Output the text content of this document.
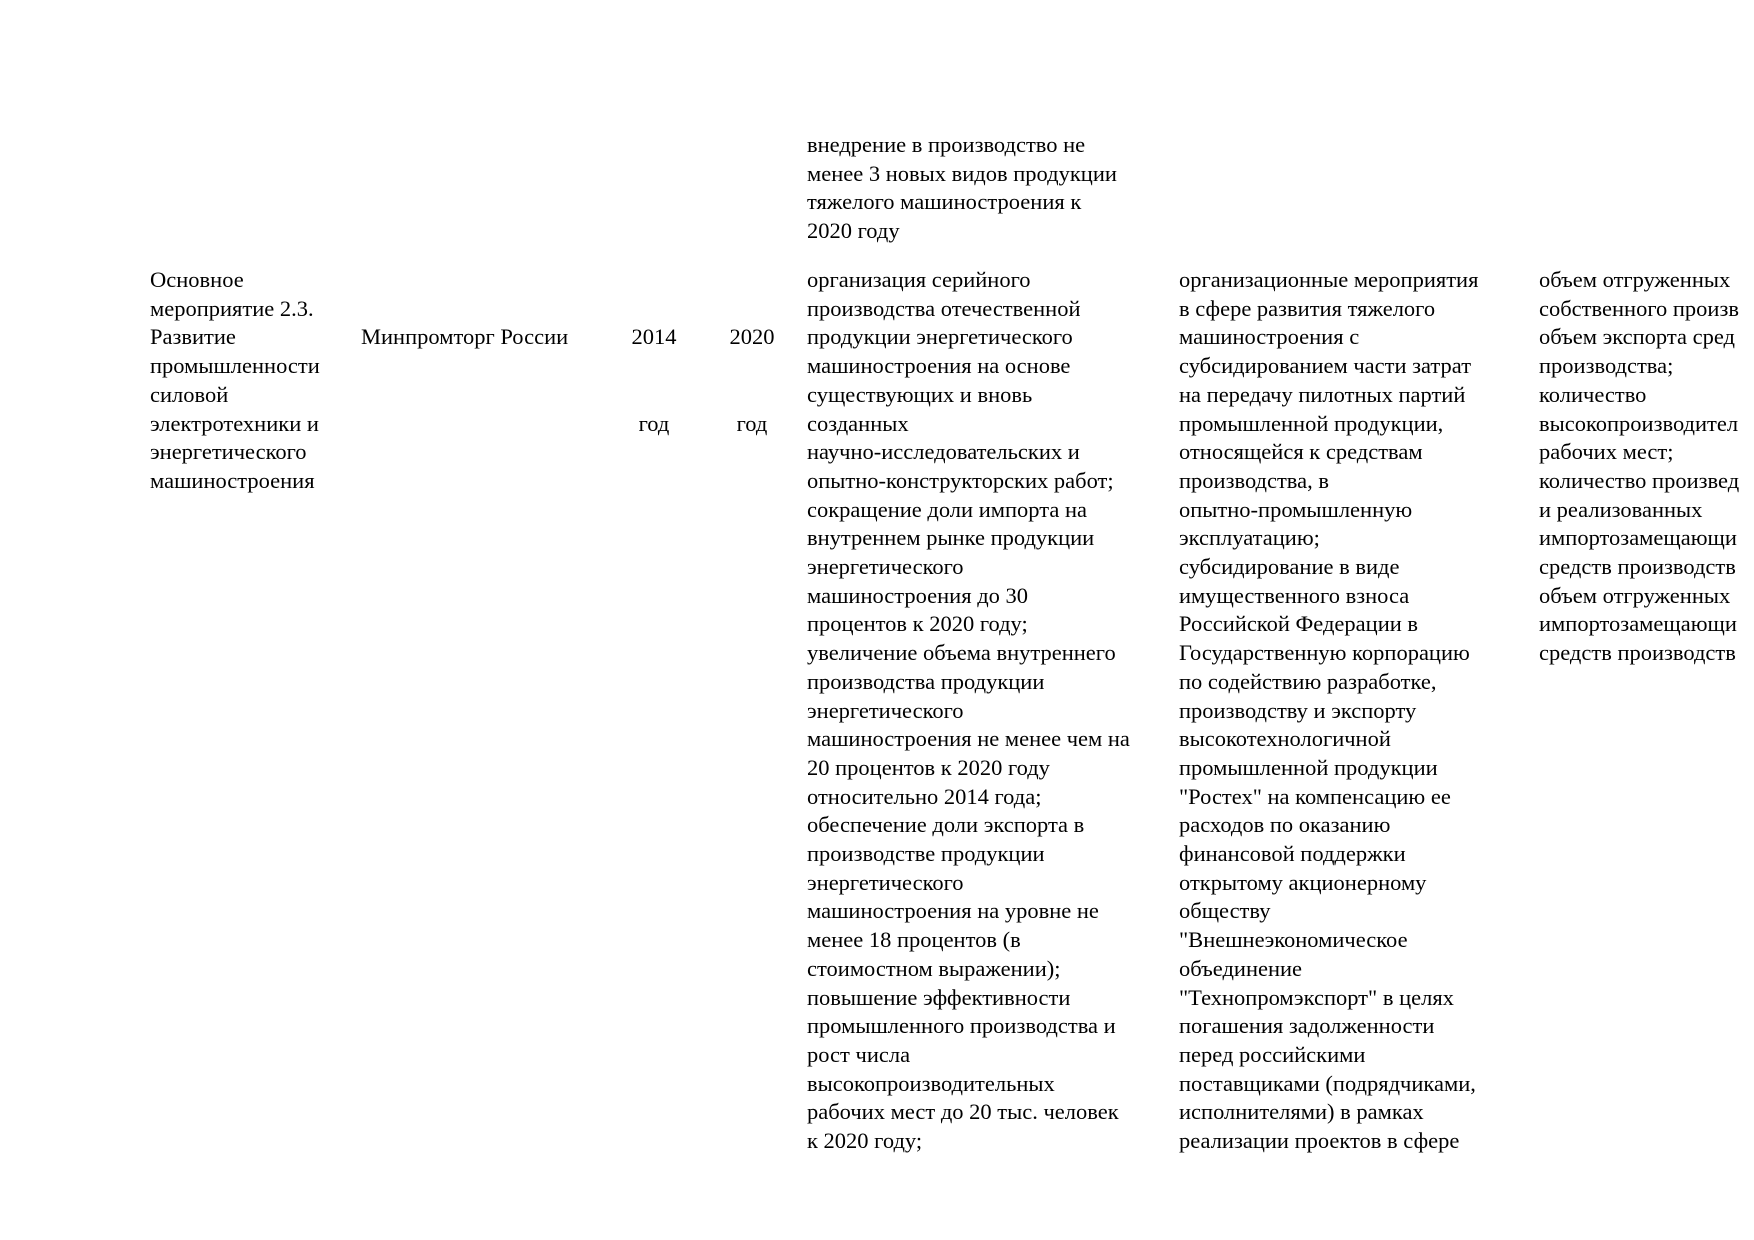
внедрение в производство не
менее 3 новых видов продукции
тяжелого машиностроения к
2020 году
Основное
мероприятие 2.3.
Развитие
промышленности
силовой
электротехники и
энергетического
машиностроения

Минпромторг России

	2014

год

2020

год

организация серийного
производства отечественной
продукции энергетического
машиностроения на основе
существующих и вновь
созданных
научно-исследовательских и
опытно-конструкторских работ;
сокращение доли импорта на
внутреннем рынке продукции
энергетического
машиностроения до 30
процентов к 2020 году;
увеличение объема внутреннего
производства продукции
энергетического
машиностроения не менее чем на
20 процентов к 2020 году
относительно 2014 года;
обеспечение доли экспорта в
производстве продукции
энергетического
машиностроения на уровне не
менее 18 процентов (в
стоимостном выражении);
повышение эффективности
промышленного производства и
рост числа
высокопроизводительных
рабочих мест до 20 тыс. человек
к 2020 году;
организационные мероприятия
в сфере развития тяжелого
машиностроения с
субсидированием части затрат
на передачу пилотных партий
промышленной продукции,
относящейся к средствам
производства, в
опытно-промышленную
эксплуатацию;
субсидирование в виде
имущественного взноса
Российской Федерации в
Государственную корпорацию
по содействию разработке,
производству и экспорту
высокотехнологичной
промышленной продукции
"Ростех" на компенсацию ее
расходов по оказанию
финансовой поддержки
открытому акционерному
обществу
"Внешнеэкономическое
объединение
"Технопромэкспорт" в целях
погашения задолженности
перед российскими
поставщиками (подрядчиками,
исполнителями) в рамках
реализации проектов в сфере
объем отгруженных
собственного произв
объем экспорта сред
производства;
количество
высокопроизводител
рабочих мест;
количество произвед
и реализованных
импортозамещающи
средств производств
объем отгруженных
импортозамещающи
средств производств
